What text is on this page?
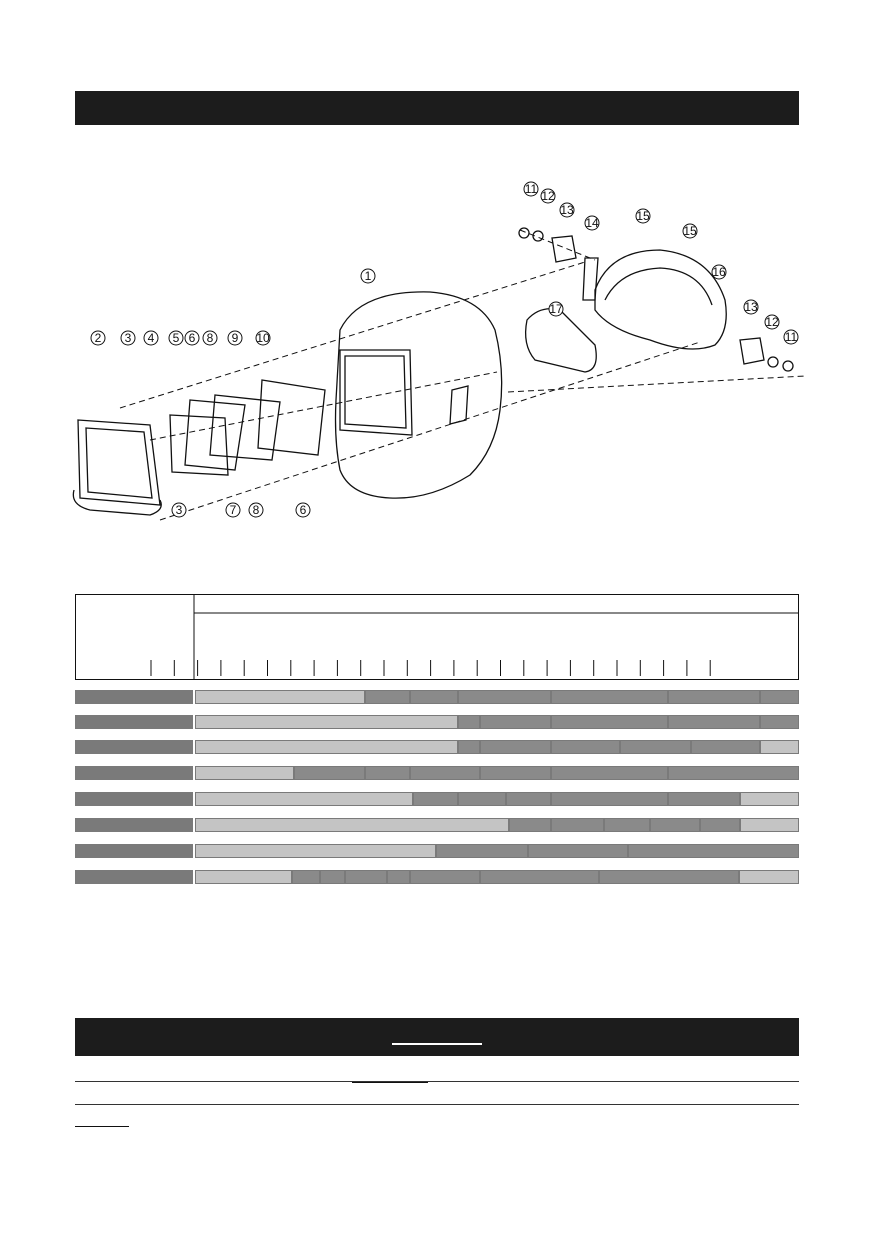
1
2 3 4 5 6 8 9 10
3	7 8	6
11 12
13
14	15
15
16
17	13
12
11
